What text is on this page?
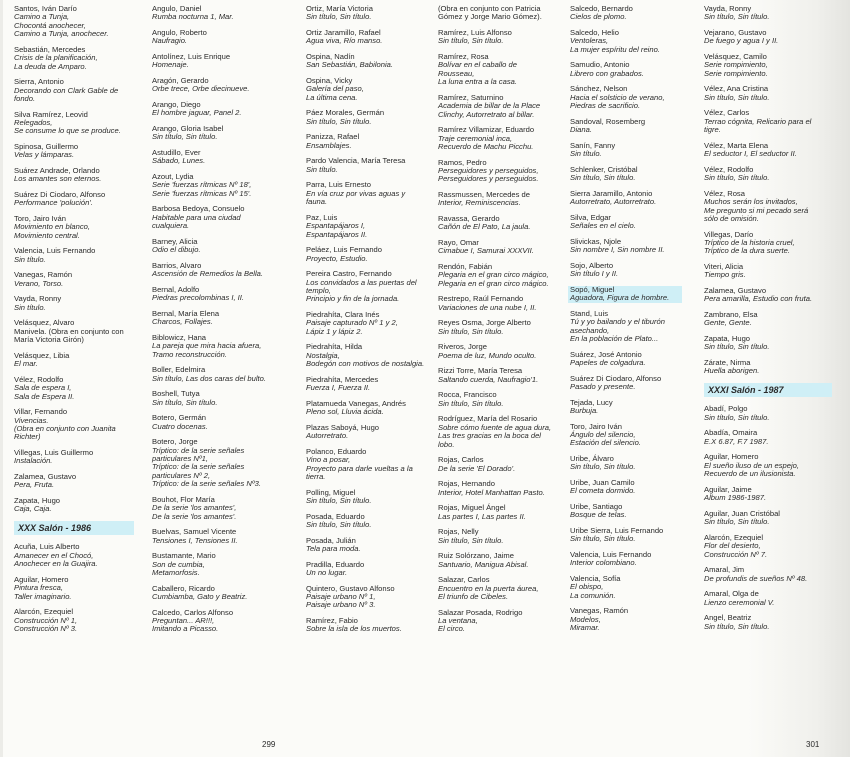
Santos, Iván Darío
Camino a Tunja,
Chocontá anochecer,
Camino a Tunja, anochecer.
Sebastián, Mercedes
Crisis de la planificación,
La deuda de Amparo.
Sierra, Antonio
Decorando con Clark Gable de
fondo.
Silva Ramírez, Leovid
Relegados,
Se consume lo que se produce.
Spinosa, Guillermo
Velas y lámparas.
Suárez Andrade, Orlando
Los amantes son eternos.
Suárez Di Ciodaro, Alfonso
Performance 'polución'.
Toro, Jairo Iván
Movimiento en blanco,
Movimiento central.
Valencia, Luis Fernando
Sin título.
Vanegas, Ramón
Verano, Torso.
Vayda, Ronny
Sin título.
Velásquez, Alvaro
Manivela. (Obra en conjunto con
María Victoria Girón)
Velásquez, Libia
El mar.
Vélez, Rodolfo
Sala de espera I,
Sala de Espera II.
Villar, Fernando
Vivencias.
(Obra en conjunto con Juanita
Richter)
Villegas, Luis Guillermo
Instalación.
Zalamea, Gustavo
Pera, Fruta.
Zapata, Hugo
Caja, Caja.
XXX Salón - 1986
Acuña, Luis Alberto
Amanecer en el Chocó,
Anochecer en la Guajira.
Aguilar, Homero
Pintura fresca,
Taller imaginario.
Alarcón, Ezequiel
Construcción Nº 1,
Construcción Nº 3.
Angulo, Daniel
Rumba nocturna 1, Mar.
Angulo, Roberto
Naufragio.
Antolínez, Luis Enrique
Homenaje.
Aragón, Gerardo
Orbe trece, Orbe diecinueve.
Arango, Diego
El hombre jaguar, Panel 2.
Arango, Gloria Isabel
Sin título, Sin título.
Astudillo, Ever
Sábado, Lunes.
Azout, Lydia
Serie 'fuerzas rítmicas Nº 18',
Serie 'fuerzas rítmicas Nº 15'.
Barbosa Bedoya, Consuelo
Habitable para una ciudad
cualquiera.
Barney, Alicia
Odio el dibujo.
Barrios, Alvaro
Ascensión de Remedios la Bella.
Bernal, Adolfo
Piedras precolombinas I, II.
Bernal, María Elena
Charcos, Follajes.
Biblowicz, Hana
La pareja que mira hacia afuera,
Tramo reconstrucción.
Boller, Edelmira
Sin título, Las dos caras del bulto.
Boshell, Tutya
Sin título, Sin título.
Botero, Germán
Cuatro docenas.
Botero, Jorge
Tríptico: de la serie señales
particulares Nº1,
Tríptico: de la serie señales
particulares Nº 2,
Tríptico: de la serie señales Nº3.
Bouhot, Flor María
De la serie 'los amantes',
De la serie 'los amantes'.
Buelvas, Samuel Vicente
Tensiones I, Tensiones II.
Bustamante, Mario
Son de cumbia,
Metamorfosis.
Caballero, Ricardo
Cumbiamba, Gato y Beatriz.
Calcedo, Carlos Alfonso
Preguntan... AR!!!,
Imitando a Picasso.
Ortiz, María Victoria
Sin título, Sin título.
Ortiz Jaramillo, Rafael
Agua viva, Río manso.
Ospina, Nadín
San Sebastián, Babilonia.
Ospina, Vicky
Galería del paso,
La última cena.
Páez Morales, Germán
Sin título, Sin título.
Panizza, Rafael
Ensamblajes.
Pardo Valencia, María Teresa
Sin título.
Parra, Luis Ernesto
En vía cruz por vivas aguas y
fauna.
Paz, Luis
Espantapájaros I,
Espantapájaros II.
Peláez, Luis Fernando
Proyecto, Estudio.
Pereira Castro, Fernando
Los convidados a las puertas del
templo,
Principio y fin de la jornada.
Piedrahíta, Clara Inés
Paisaje capturado Nº 1 y 2,
Lápiz 1 y lápiz 2.
Piedrahíta, Hilda
Nostalgia,
Bodegón con motivos de nostalgia.
Piedrahíta, Mercedes
Fuerza I, Fuerza II.
Platamueda Vanegas, Andrés
Pleno sol, Lluvia ácida.
Plazas Saboyá, Hugo
Autorretrato.
Polanco, Eduardo
Vino a posar,
Proyecto para darle vueltas a la
tierra.
Polling, Miguel
Sin título, Sin título.
Posada, Eduardo
Sin título, Sin título.
Posada, Julián
Tela para moda.
Pradilla, Eduardo
Un no lugar.
Quintero, Gustavo Alfonso
Paisaje urbano Nº 1,
Paisaje urbano Nº 3.
Ramírez, Fabio
Sobre la isla de los muertos.
(Obra en conjunto con Patricia
Gómez y Jorge Mario Gómez).
Ramírez, Luis Alfonso
Sin título, Sin título.
Ramírez, Rosa
Bolívar en el caballo de
Rousseau,
La luna entra a la casa.
Ramírez, Saturnino
Academia de billar de la Place
Clinchy, Autorretrato al billar.
Ramírez Villamizar, Eduardo
Traje ceremonial inca,
Recuerdo de Machu Picchu.
Ramos, Pedro
Perseguidores y perseguidos,
Perseguidores y perseguidos.
Rassmussen, Mercedes de
Interior, Reminiscencias.
Ravassa, Gerardo
Cañón de El Pato, La jaula.
Rayo, Omar
Cimabue I, Samurai XXXVII.
Rendón, Fabián
Plegaria en el gran circo mágico,
Plegaria en el gran circo mágico.
Restrepo, Raúl Fernando
Variaciones de una nube I, II.
Reyes Osma, Jorge Alberto
Sin título, Sin título.
Riveros, Jorge
Poema de luz, Mundo oculto.
Rizzi Torre, María Teresa
Saltando cuerda, Naufragio'1.
Rocca, Francisco
Sin título, Sin título.
Rodríguez, María del Rosario
Sobre cómo fuente de agua dura,
Las tres gracias en la boca del
lobo.
Rojas, Carlos
De la serie 'El Dorado'.
Rojas, Hernando
Interior, Hotel Manhattan Pasto.
Rojas, Miguel Ángel
Las partes I, Las partes II.
Rojas, Nelly
Sin título, Sin título.
Ruiz Solórzano, Jaime
Santuario, Manigua Abisal.
Salazar, Carlos
Encuentro en la puerta áurea,
El triunfo de Cibeles.
Salazar Posada, Rodrigo
La ventana,
El circo.
Salcedo, Bernardo
Cielos de plomo.
Salcedo, Helio
Ventoleras,
La mujer espíritu del reino.
Samudio, Antonio
Librero con grabados.
Sánchez, Nelson
Hacia el solsticio de verano,
Piedras de sacrificio.
Sandoval, Rosemberg
Diana.
Sanín, Fanny
Sin título.
Schlenker, Cristóbal
Sin título, Sin título.
Sierra Jaramillo, Antonio
Autorretrato, Autorretrato.
Silva, Edgar
Señales en el cielo.
Slivickas, Njole
Sin nombre I, Sin nombre II.
Sojo, Alberto
Sin título I y II.
Sopó, Miguel
Aguadora, Figura de hombre.
Stand, Luis
Tú y yo bailando y el tiburón
asechando,
En la población de Plato...
Suárez, José Antonio
Papeles de colgadura.
Suárez Di Ciodaro, Alfonso
Pasado y presente.
Tejada, Lucy
Burbuja.
Toro, Jairo Iván
Ángulo del silencio,
Estación del silencio.
Uribe, Álvaro
Sin título, Sin título.
Uribe, Juan Camilo
El cometa dormido.
Uribe, Santiago
Bosque de telas.
Uribe Sierra, Luis Fernando
Sin título, Sin título.
Valencia, Luis Fernando
Interior colombiano.
Valencia, Sofía
El obispo,
La comunión.
Vanegas, Ramón
Modelos,
Miramar.
Vayda, Ronny
Sin título, Sin título.
Vejarano, Gustavo
De fuego y agua I y II.
Velásquez, Camilo
Serie rompimiento,
Serie rompimiento.
Vélez, Ana Cristina
Sin título, Sin título.
Vélez, Carlos
Terrao cógnita, Relicario para el
tigre.
Vélez, Marta Elena
El seductor I, El seductor II.
Vélez, Rodolfo
Sin título, Sin título.
Vélez, Rosa
Muchos serán los invitados,
Me pregunto si mi pecado será
sólo de omisión.
Villegas, Darío
Tríptico de la historia cruel,
Tríptico de la dura suerte.
Viteri, Alicia
Tiempo gris.
Zalamea, Gustavo
Pera amarilla, Estudio con fruta.
Zambrano, Elsa
Gente, Gente.
Zapata, Hugo
Sin título, Sin título.
Zárate, Nirma
Huella aborigen.
XXXI Salón - 1987
Abadí, Polgo
Sin título, Sin título.
Abadía, Omaira
E.X 6.87, F.7 1987.
Aguilar, Homero
El sueño iluso de un espejo,
Recuerdo de un ilusionista.
Aguilar, Jaime
Album 1986-1987.
Aguilar, Juan Cristóbal
Sin título, Sin título.
Alarcón, Ezequiel
Flor del desierto,
Construcción Nº 7.
Amaral, Jim
De profundis de sueños Nº 48.
Amaral, Olga de
Lienzo ceremonial V.
Angel, Beatriz
Sin título, Sin título.
299	301
